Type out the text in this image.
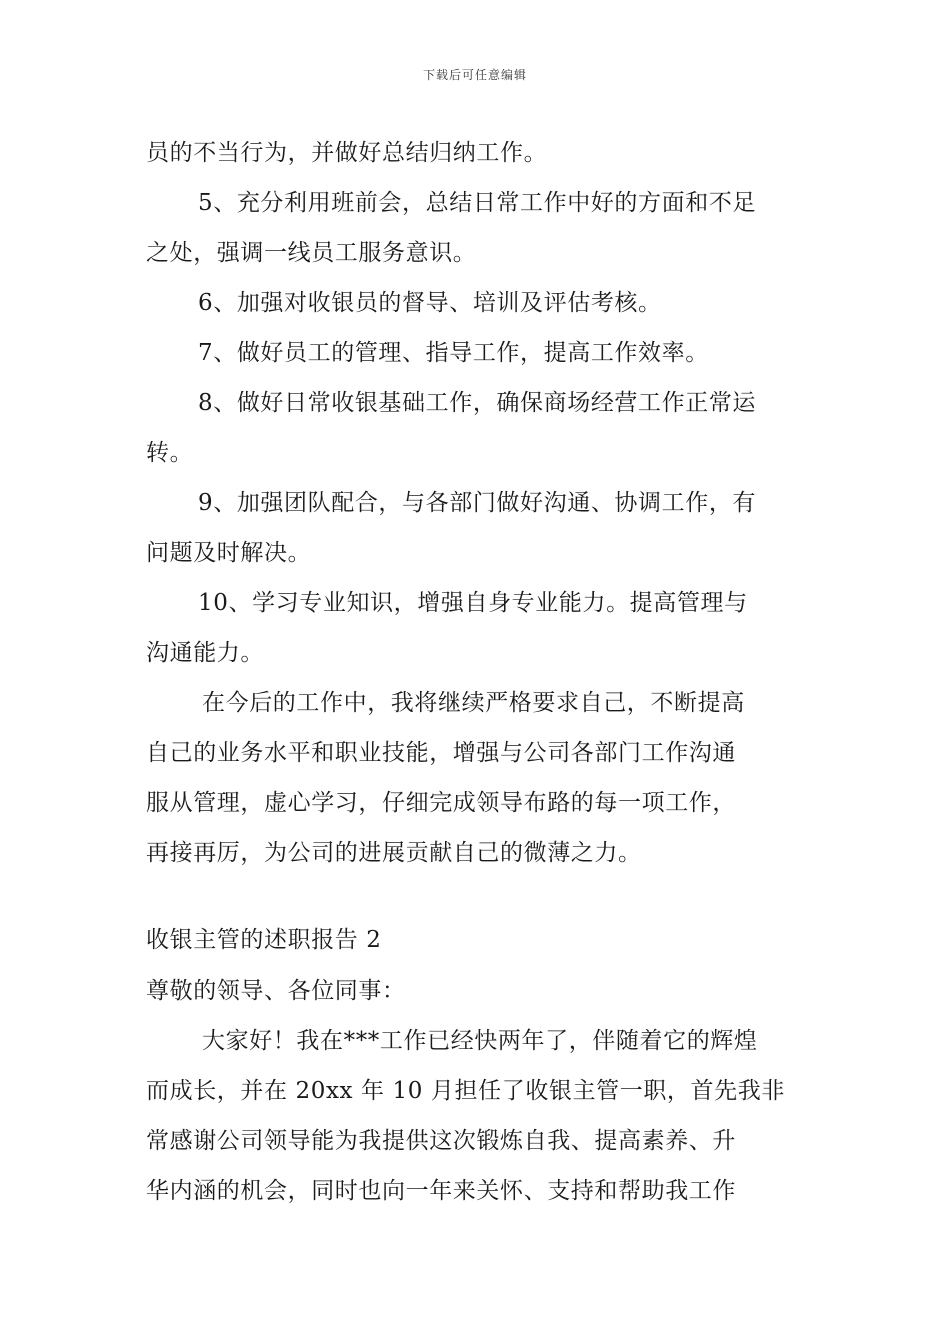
下载后可任意编辑
员的不当行为，并做好总结归纳工作。
5、充分利用班前会，总结日常工作中好的方面和不足
之处，强调一线员工服务意识。
6、加强对收银员的督导、培训及评估考核。
7、做好员工的管理、指导工作，提高工作效率。
8、做好日常收银基础工作，确保商场经营工作正常运
转。
9、加强团队配合，与各部门做好沟通、协调工作，有
问题及时解决。
10、学习专业知识，增强自身专业能力。提高管理与
沟通能力。
在今后的工作中，我将继续严格要求自己，不断提高
自己的业务水平和职业技能，增强与公司各部门工作沟通
服从管理，虚心学习，仔细完成领导布路的每一项工作，
再接再厉，为公司的进展贡献自己的微薄之力。
收银主管的述职报告 2
尊敬的领导、各位同事：
大家好！我在***工作已经快两年了，伴随着它的辉煌
而成长，并在 20xx 年 10 月担任了收银主管一职，首先我非
常感谢公司领导能为我提供这次锻炼自我、提高素养、升
华内涵的机会，同时也向一年来关怀、支持和帮助我工作
